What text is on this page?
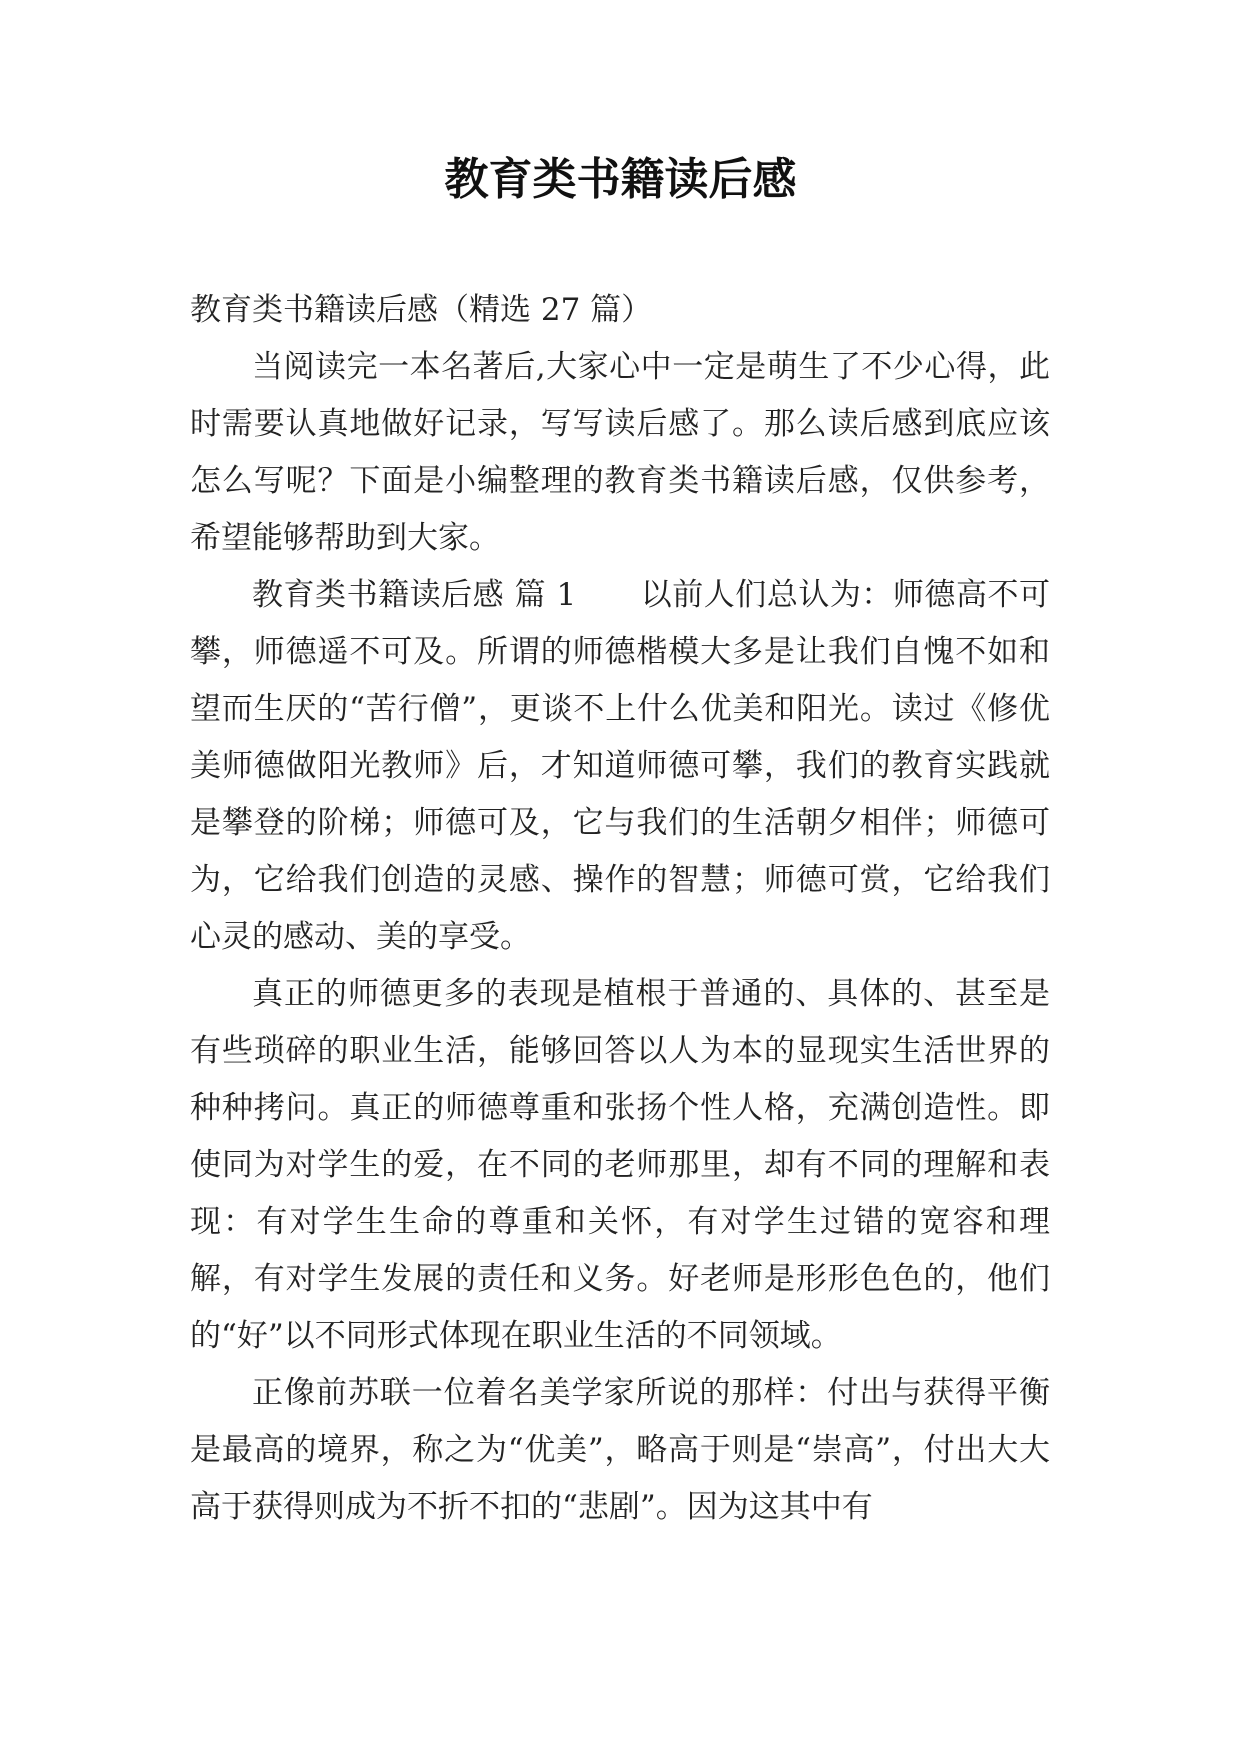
教育类书籍读后感

教育类书籍读后感（精选 27 篇）

当阅读完一本名著后,大家心中一定是萌生了不少心得，此时需要认真地做好记录，写写读后感了。那么读后感到底应该怎么写呢？下面是小编整理的教育类书籍读后感，仅供参考，希望能够帮助到大家。

教育类书籍读后感 篇 1 以前人们总认为：师德高不可攀，师德遥不可及。所谓的师德楷模大多是让我们自愧不如和望而生厌的“苦行僧”，更谈不上什么优美和阳光。读过《修优美师德做阳光教师》后，才知道师德可攀，我们的教育实践就是攀登的阶梯；师德可及，它与我们的生活朝夕相伴；师德可为，它给我们创造的灵感、操作的智慧；师德可赏，它给我们心灵的感动、美的享受。

真正的师德更多的表现是植根于普通的、具体的、甚至是有些琐碎的职业生活，能够回答以人为本的显现实生活世界的种种拷问。真正的师德尊重和张扬个性人格，充满创造性。即使同为对学生的爱，在不同的老师那里，却有不同的理解和表现：有对学生生命的尊重和关怀，有对学生过错的宽容和理解，有对学生发展的责任和义务。好老师是形形色色的，他们的“好”以不同形式体现在职业生活的不同领域。

正像前苏联一位着名美学家所说的那样：付出与获得平衡是最高的境界，称之为“优美”，略高于则是“崇高”，付出大大高于获得则成为不折不扣的“悲剧”。因为这其中有
